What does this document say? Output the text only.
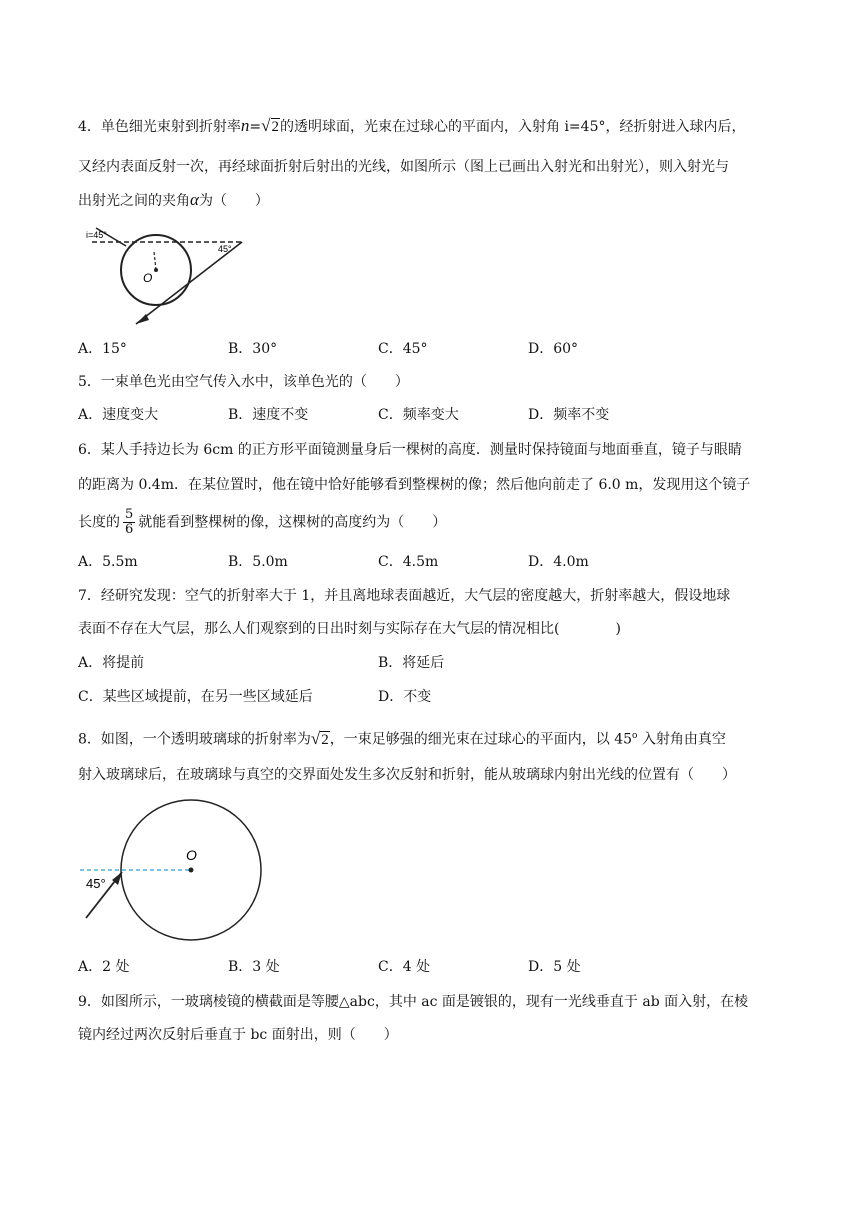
4．单色细光束射到折射率n=√2的透明球面，光束在过球心的平面内，入射角 i=45°，经折射进入球内后，
又经内表面反射一次，再经球面折射后射出的光线，如图所示（图上已画出入射光和出射光），则入射光与
出射光之间的夹角α为（　　）
i=45°
O
45°
A．15°	B．30°	C．45°	D．60°
5．一束单色光由空气传入水中，该单色光的（　　）
A．速度变大	B．速度不变	C．频率变大	D．频率不变
6．某人手持边长为 6cm 的正方形平面镜测量身后一棵树的高度．测量时保持镜面与地面垂直，镜子与眼睛
的距离为 0.4m．在某位置时，他在镜中恰好能够看到整棵树的像；然后他向前走了 6.0 m，发现用这个镜子
长度的 $\frac{5}{6}$ 就能看到整棵树的像，这棵树的高度约为（　　）
A．5.5m	B．5.0m	C．4.5m	D．4.0m
7．经研究发现：空气的折射率大于 1，并且离地球表面越近，大气层的密度越大，折射率越大，假设地球
表面不存在大气层，那么人们观察到的日出时刻与实际存在大气层的情况相比(　　　　)
A．将提前	B．将延后
C．某些区域提前，在另一些区域延后	D．不变
8．如图，一个透明玻璃球的折射率为√2，一束足够强的细光束在过球心的平面内，以 45$^o$ 入射角由真空
射入玻璃球后，在玻璃球与真空的交界面处发生多次反射和折射，能从玻璃球内射出光线的位置有（　　）
O
45°
A．2 处	B．3 处	C．4 处	D．5 处
9．如图所示，一玻璃棱镜的横截面是等腰△abc，其中 ac 面是镀银的，现有一光线垂直于 ab 面入射，在棱
镜内经过两次反射后垂直于 bc 面射出，则（　　）
